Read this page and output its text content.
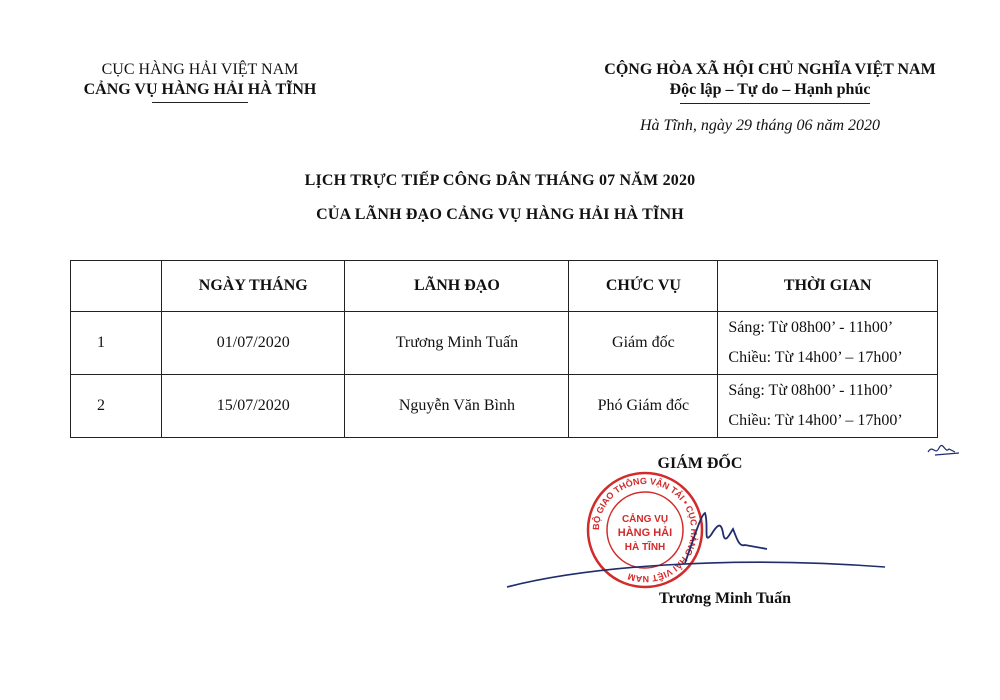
CỤC HÀNG HẢI VIỆT NAM
CẢNG VỤ HÀNG HẢI HÀ TĨNH
CỘNG HÒA XÃ HỘI CHỦ NGHĨA VIỆT NAM
Độc lập – Tự do – Hạnh phúc
Hà Tĩnh, ngày 29 tháng 06 năm 2020
LỊCH TRỰC TIẾP CÔNG DÂN THÁNG 07 NĂM 2020
CỦA LÃNH ĐẠO CẢNG VỤ HÀNG HẢI HÀ TĨNH
	NGÀY THÁNG	LÃNH ĐẠO	CHỨC VỤ	THỜI GIAN
1	01/07/2020	Trương Minh Tuấn	Giám đốc	Sáng: Từ 08h00’ - 11h00’
Chiều: Từ 14h00’ – 17h00’

2	15/07/2020	Nguyễn Văn Bình	Phó Giám đốc	Sáng: Từ 08h00’ - 11h00’
Chiều: Từ 14h00’ – 17h00’
GIÁM ĐỐC
BỘ GIAO THÔNG VẬN TẢI • CỤC HÀNG HẢI VIỆT NAM
CẢNG VỤ
HÀNG HẢI
HÀ TĨNH
Trương Minh Tuấn
